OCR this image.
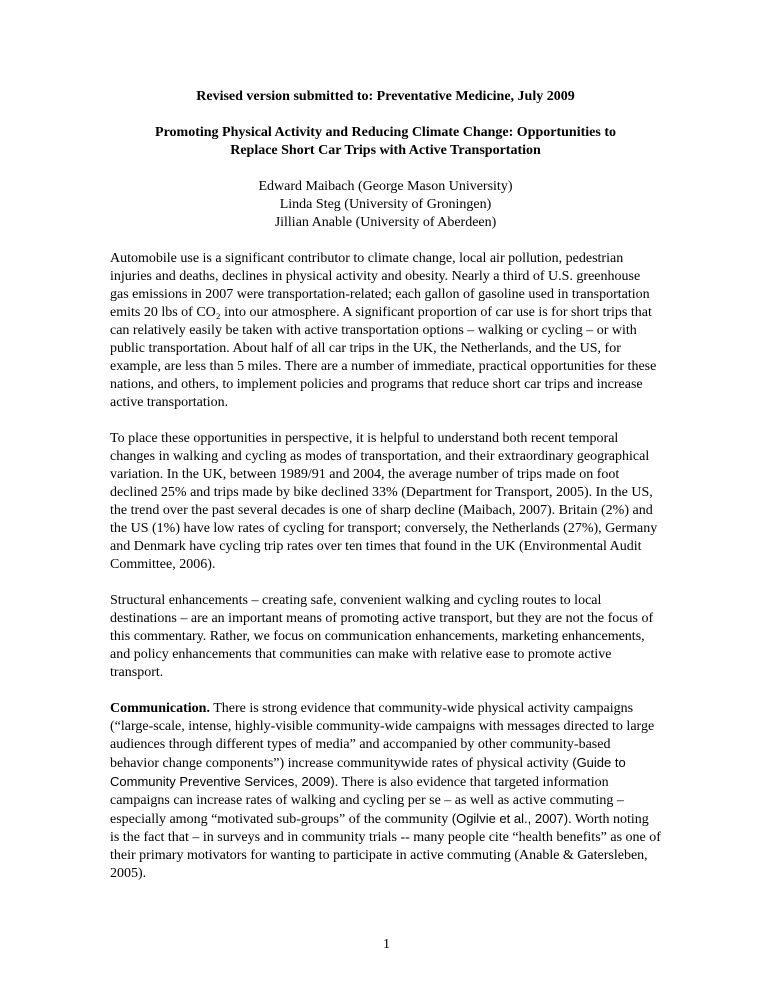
Revised version submitted to: Preventative Medicine, July 2009
Promoting Physical Activity and Reducing Climate Change: Opportunities to
Replace Short Car Trips with Active Transportation
Edward Maibach (George Mason University)
Linda Steg (University of Groningen)
Jillian Anable (University of Aberdeen)

Automobile use is a significant contributor to climate change, local air pollution, pedestrian injuries and deaths, declines in physical activity and obesity. Nearly a third of U.S. greenhouse gas emissions in 2007 were transportation-related; each gallon of gasoline used in transportation emits 20 lbs of CO₂ into our atmosphere. A significant proportion of car use is for short trips that can relatively easily be taken with active transportation options – walking or cycling – or with public transportation. About half of all car trips in the UK, the Netherlands, and the US, for example, are less than 5 miles. There are a number of immediate, practical opportunities for these nations, and others, to implement policies and programs that reduce short car trips and increase active transportation.

To place these opportunities in perspective, it is helpful to understand both recent temporal changes in walking and cycling as modes of transportation, and their extraordinary geographical variation. In the UK, between 1989/91 and 2004, the average number of trips made on foot declined 25% and trips made by bike declined 33% (Department for Transport, 2005). In the US, the trend over the past several decades is one of sharp decline (Maibach, 2007). Britain (2%) and the US (1%) have low rates of cycling for transport; conversely, the Netherlands (27%), Germany and Denmark have cycling trip rates over ten times that found in the UK (Environmental Audit Committee, 2006).

Structural enhancements – creating safe, convenient walking and cycling routes to local destinations – are an important means of promoting active transport, but they are not the focus of this commentary. Rather, we focus on communication enhancements, marketing enhancements, and policy enhancements that communities can make with relative ease to promote active transport.

Communication. There is strong evidence that community-wide physical activity campaigns (“large-scale, intense, highly-visible community-wide campaigns with messages directed to large audiences through different types of media” and accompanied by other community-based behavior change components”) increase communitywide rates of physical activity (Guide to Community Preventive Services, 2009). There is also evidence that targeted information campaigns can increase rates of walking and cycling per se – as well as active commuting – especially among “motivated sub-groups” of the community (Ogilvie et al., 2007). Worth noting is the fact that – in surveys and in community trials -- many people cite “health benefits” as one of their primary motivators for wanting to participate in active commuting (Anable & Gatersleben, 2005).

1
